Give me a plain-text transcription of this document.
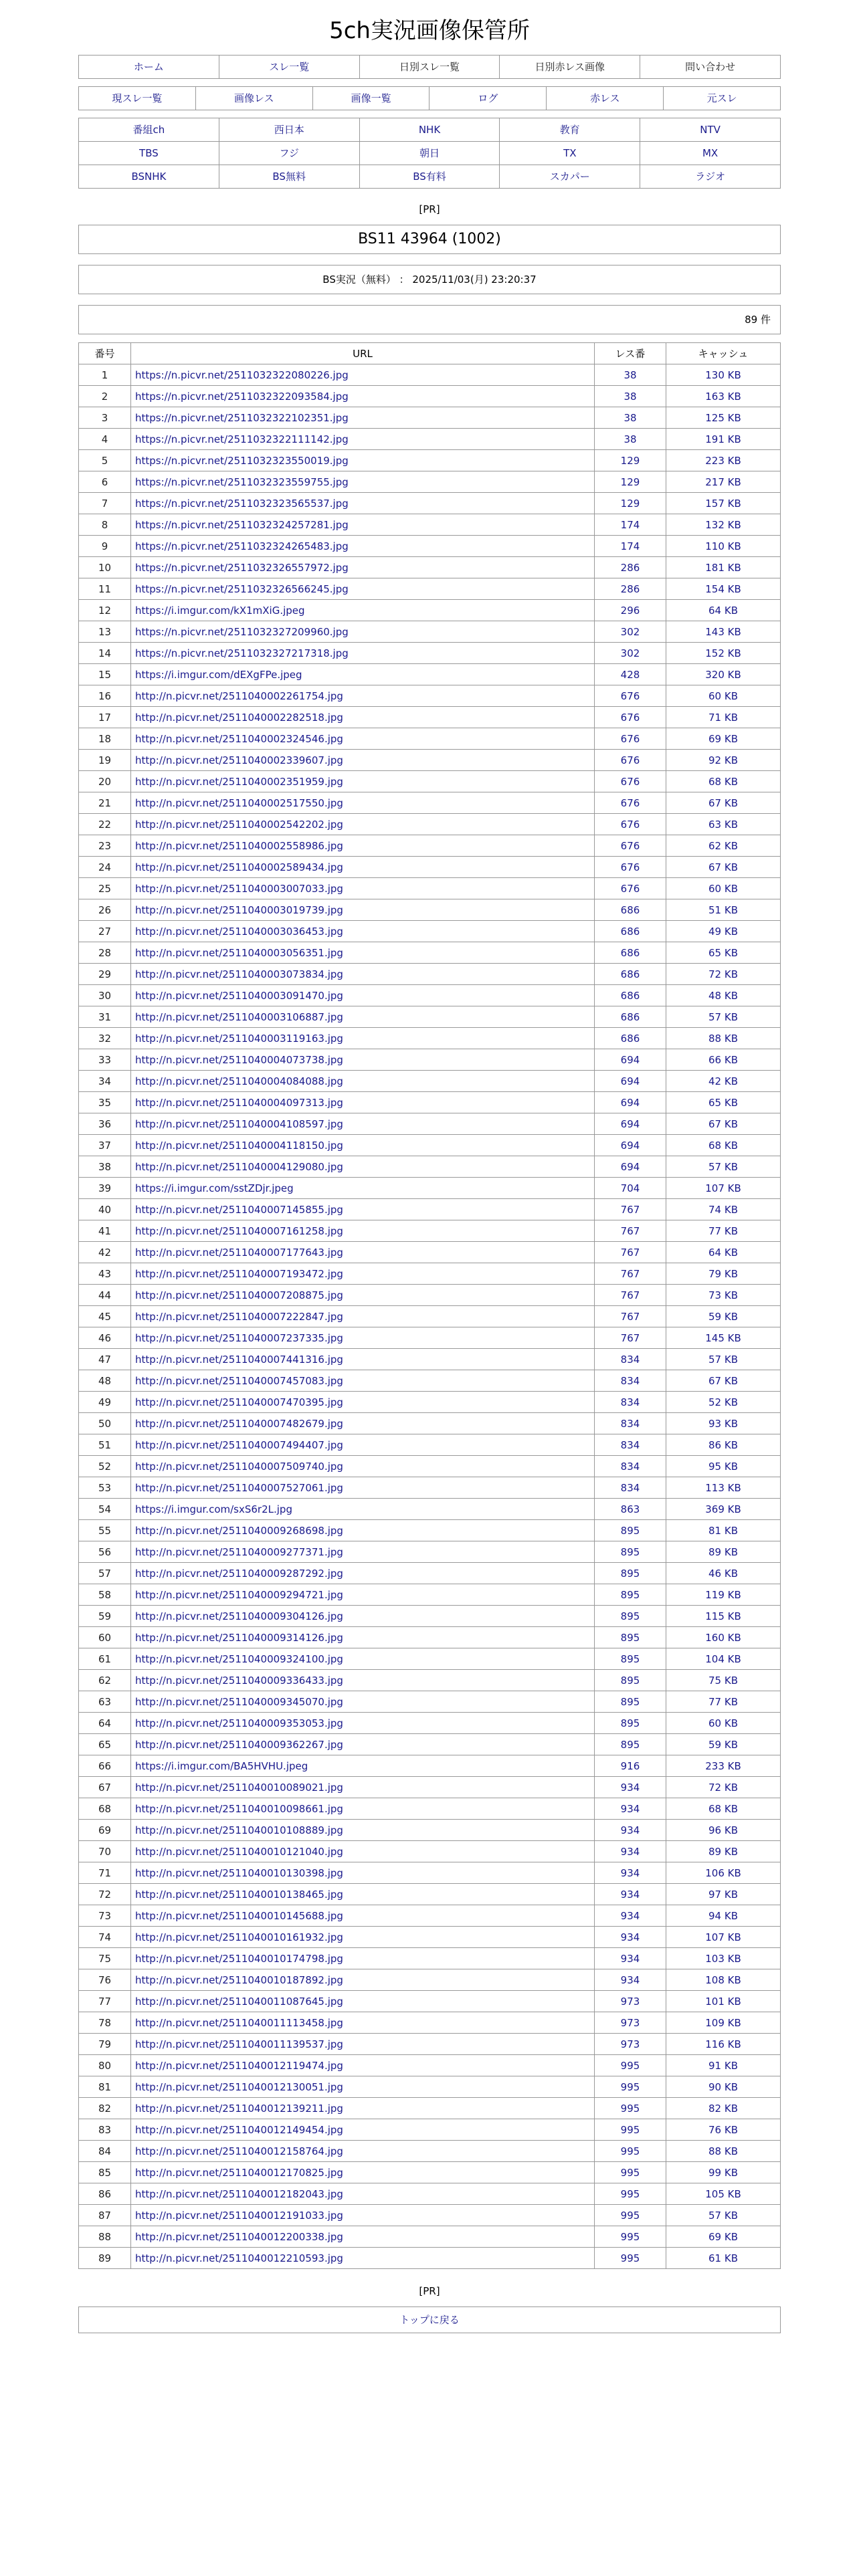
5ch実況画像保管所
ホーム	スレ一覧	日別スレ一覧	日別赤レス画像	問い合わせ
現スレ一覧	画像レス	画像一覧	ログ	赤レス	元スレ
番組ch	西日本	NHK	教育	NTV
TBS	フジ	朝日	TX	MX
BSNHK	BS無料	BS有料	スカパー	ラジオ
[PR]
BS11 43964 (1002)
BS実況（無料） ： 2025/11/03(月) 23:20:37
89 件
番号	URL	レス番	キャッシュ
1	https://n.picvr.net/2511032322080226.jpg	38	130 KB
2	https://n.picvr.net/2511032322093584.jpg	38	163 KB
3	https://n.picvr.net/2511032322102351.jpg	38	125 KB
4	https://n.picvr.net/2511032322111142.jpg	38	191 KB
5	https://n.picvr.net/2511032323550019.jpg	129	223 KB
6	https://n.picvr.net/2511032323559755.jpg	129	217 KB
7	https://n.picvr.net/2511032323565537.jpg	129	157 KB
8	https://n.picvr.net/2511032324257281.jpg	174	132 KB
9	https://n.picvr.net/2511032324265483.jpg	174	110 KB
10	https://n.picvr.net/2511032326557972.jpg	286	181 KB
11	https://n.picvr.net/2511032326566245.jpg	286	154 KB
12	https://i.imgur.com/kX1mXiG.jpeg	296	64 KB
13	https://n.picvr.net/2511032327209960.jpg	302	143 KB
14	https://n.picvr.net/2511032327217318.jpg	302	152 KB
15	https://i.imgur.com/dEXgFPe.jpeg	428	320 KB
16	http://n.picvr.net/2511040002261754.jpg	676	60 KB
17	http://n.picvr.net/2511040002282518.jpg	676	71 KB
18	http://n.picvr.net/2511040002324546.jpg	676	69 KB
19	http://n.picvr.net/2511040002339607.jpg	676	92 KB
20	http://n.picvr.net/2511040002351959.jpg	676	68 KB
21	http://n.picvr.net/2511040002517550.jpg	676	67 KB
22	http://n.picvr.net/2511040002542202.jpg	676	63 KB
23	http://n.picvr.net/2511040002558986.jpg	676	62 KB
24	http://n.picvr.net/2511040002589434.jpg	676	67 KB
25	http://n.picvr.net/2511040003007033.jpg	676	60 KB
26	http://n.picvr.net/2511040003019739.jpg	686	51 KB
27	http://n.picvr.net/2511040003036453.jpg	686	49 KB
28	http://n.picvr.net/2511040003056351.jpg	686	65 KB
29	http://n.picvr.net/2511040003073834.jpg	686	72 KB
30	http://n.picvr.net/2511040003091470.jpg	686	48 KB
31	http://n.picvr.net/2511040003106887.jpg	686	57 KB
32	http://n.picvr.net/2511040003119163.jpg	686	88 KB
33	http://n.picvr.net/2511040004073738.jpg	694	66 KB
34	http://n.picvr.net/2511040004084088.jpg	694	42 KB
35	http://n.picvr.net/2511040004097313.jpg	694	65 KB
36	http://n.picvr.net/2511040004108597.jpg	694	67 KB
37	http://n.picvr.net/2511040004118150.jpg	694	68 KB
38	http://n.picvr.net/2511040004129080.jpg	694	57 KB
39	https://i.imgur.com/sstZDjr.jpeg	704	107 KB
40	http://n.picvr.net/2511040007145855.jpg	767	74 KB
41	http://n.picvr.net/2511040007161258.jpg	767	77 KB
42	http://n.picvr.net/2511040007177643.jpg	767	64 KB
43	http://n.picvr.net/2511040007193472.jpg	767	79 KB
44	http://n.picvr.net/2511040007208875.jpg	767	73 KB
45	http://n.picvr.net/2511040007222847.jpg	767	59 KB
46	http://n.picvr.net/2511040007237335.jpg	767	145 KB
47	http://n.picvr.net/2511040007441316.jpg	834	57 KB
48	http://n.picvr.net/2511040007457083.jpg	834	67 KB
49	http://n.picvr.net/2511040007470395.jpg	834	52 KB
50	http://n.picvr.net/2511040007482679.jpg	834	93 KB
51	http://n.picvr.net/2511040007494407.jpg	834	86 KB
52	http://n.picvr.net/2511040007509740.jpg	834	95 KB
53	http://n.picvr.net/2511040007527061.jpg	834	113 KB
54	https://i.imgur.com/sxS6r2L.jpg	863	369 KB
55	http://n.picvr.net/2511040009268698.jpg	895	81 KB
56	http://n.picvr.net/2511040009277371.jpg	895	89 KB
57	http://n.picvr.net/2511040009287292.jpg	895	46 KB
58	http://n.picvr.net/2511040009294721.jpg	895	119 KB
59	http://n.picvr.net/2511040009304126.jpg	895	115 KB
60	http://n.picvr.net/2511040009314126.jpg	895	160 KB
61	http://n.picvr.net/2511040009324100.jpg	895	104 KB
62	http://n.picvr.net/2511040009336433.jpg	895	75 KB
63	http://n.picvr.net/2511040009345070.jpg	895	77 KB
64	http://n.picvr.net/2511040009353053.jpg	895	60 KB
65	http://n.picvr.net/2511040009362267.jpg	895	59 KB
66	https://i.imgur.com/BA5HVHU.jpeg	916	233 KB
67	http://n.picvr.net/2511040010089021.jpg	934	72 KB
68	http://n.picvr.net/2511040010098661.jpg	934	68 KB
69	http://n.picvr.net/2511040010108889.jpg	934	96 KB
70	http://n.picvr.net/2511040010121040.jpg	934	89 KB
71	http://n.picvr.net/2511040010130398.jpg	934	106 KB
72	http://n.picvr.net/2511040010138465.jpg	934	97 KB
73	http://n.picvr.net/2511040010145688.jpg	934	94 KB
74	http://n.picvr.net/2511040010161932.jpg	934	107 KB
75	http://n.picvr.net/2511040010174798.jpg	934	103 KB
76	http://n.picvr.net/2511040010187892.jpg	934	108 KB
77	http://n.picvr.net/2511040011087645.jpg	973	101 KB
78	http://n.picvr.net/2511040011113458.jpg	973	109 KB
79	http://n.picvr.net/2511040011139537.jpg	973	116 KB
80	http://n.picvr.net/2511040012119474.jpg	995	91 KB
81	http://n.picvr.net/2511040012130051.jpg	995	90 KB
82	http://n.picvr.net/2511040012139211.jpg	995	82 KB
83	http://n.picvr.net/2511040012149454.jpg	995	76 KB
84	http://n.picvr.net/2511040012158764.jpg	995	88 KB
85	http://n.picvr.net/2511040012170825.jpg	995	99 KB
86	http://n.picvr.net/2511040012182043.jpg	995	105 KB
87	http://n.picvr.net/2511040012191033.jpg	995	57 KB
88	http://n.picvr.net/2511040012200338.jpg	995	69 KB
89	http://n.picvr.net/2511040012210593.jpg	995	61 KB
[PR]
トップに戻る
